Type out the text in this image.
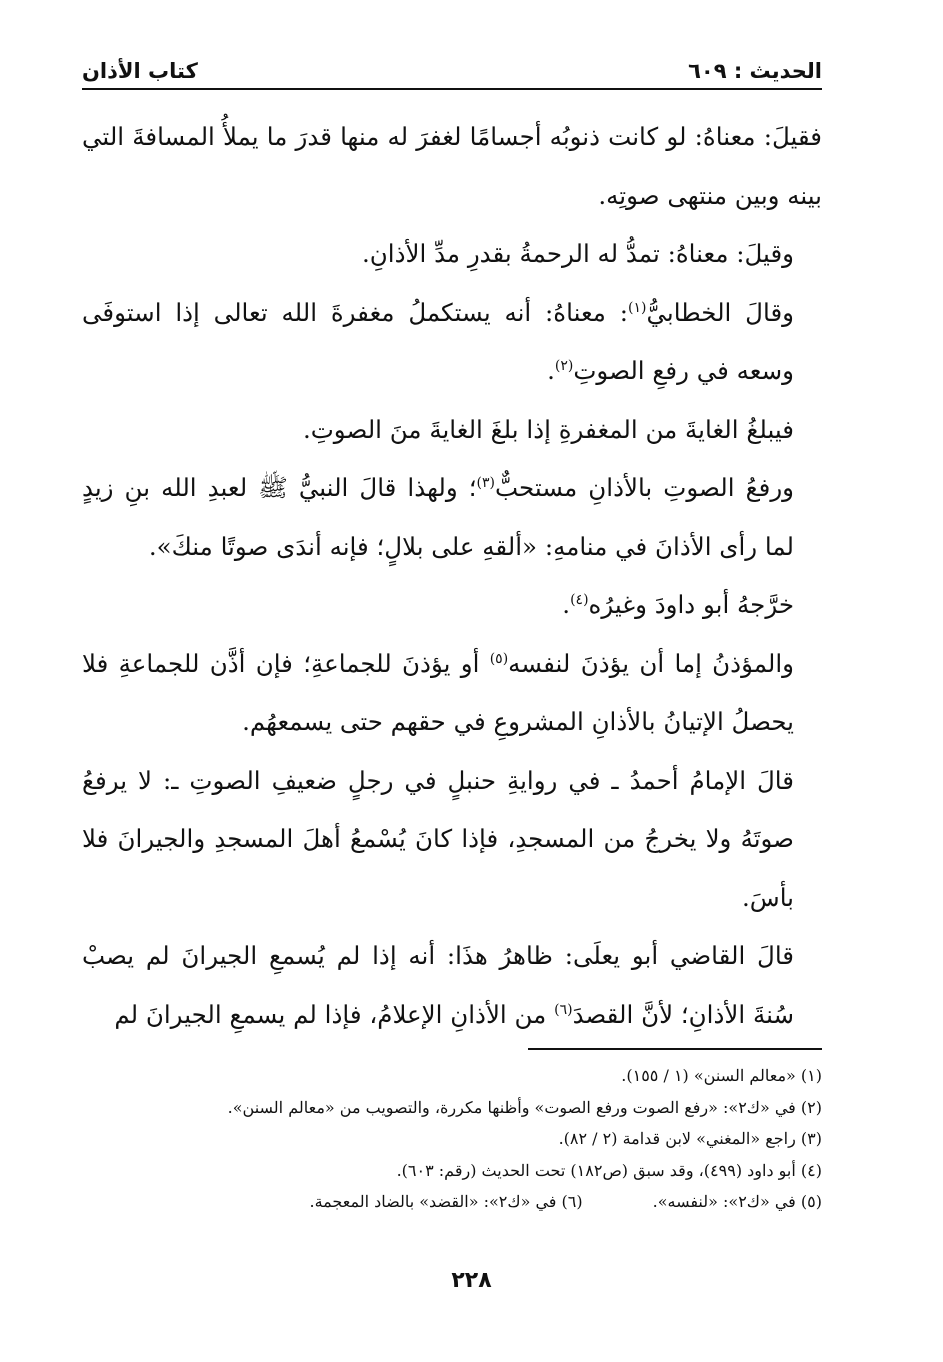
الحديث : ٦٠٩
كتاب الأذان

فقيلَ: معناهُ: لو كانت ذنوبُه أجسامًا لغفرَ له منها قدرَ ما يملأُ المسافةَ التي بينه وبين منتهى صوتِه.

وقيلَ: معناهُ: تمدُّ له الرحمةُ بقدرِ مدِّ الأذانِ.

وقالَ الخطابيُّ$^{(١)}$: معناهُ: أنه يستكملُ مغفرةَ الله تعالى إذا استوفَى وسعه في رفعِ الصوتِ$^{(٢)}$.

فيبلغُ الغايةَ من المغفرةِ إذا بلغَ الغايةَ منَ الصوتِ.

ورفعُ الصوتِ بالأذانِ مستحبٌّ$^{(٣)}$؛ ولهذا قالَ النبيُّ ﷺ لعبدِ الله بنِ زيدٍ لما رأى الأذانَ في منامهِ: «ألقهِ على بلالٍ؛ فإنه أندَى صوتًا منكَ».

خرَّجهُ أبو داودَ وغيرُه$^{(٤)}$.

والمؤذنُ إما أن يؤذنَ لنفسه$^{(٥)}$ أو يؤذنَ للجماعةِ؛ فإن أذَّن للجماعةِ فلا يحصلُ الإتيانُ بالأذانِ المشروعِ في حقهم حتى يسمعهُم.

قالَ الإمامُ أحمدُ ـ في روايةِ حنبلٍ في رجلٍ ضعيفِ الصوتِ ـ: لا يرفعُ صوتَهُ ولا يخرجُ من المسجدِ، فإذا كانَ يُسْمعُ أهلَ المسجدِ والجيرانَ فلا بأسَ.

قالَ القاضي أبو يعلَى: ظاهرُ هذَا: أنه إذا لم يُسمعِ الجيرانَ لم يصبْ سُنةَ الأذانِ؛ لأنَّ القصدَ$^{(٦)}$ من الأذانِ الإعلامُ، فإذا لم يسمعِ الجيرانَ لم

(١) «معالم السنن» (١ / ١٥٥).

(٢) في «ك٢»: «رفع الصوت ورفع الصوت» وأظنها مكررة، والتصويب من «معالم السنن».

(٣) راجع «المغني» لابن قدامة (٢ / ٨٢).

(٤) أبو داود (٤٩٩)، وقد سبق (ص١٨٢) تحت الحديث (رقم: ٦٠٣).

(٥) في «ك٢»: «لنفسه».
(٦) في «ك٢»: «القضد» بالضاد المعجمة.
٢٢٨
